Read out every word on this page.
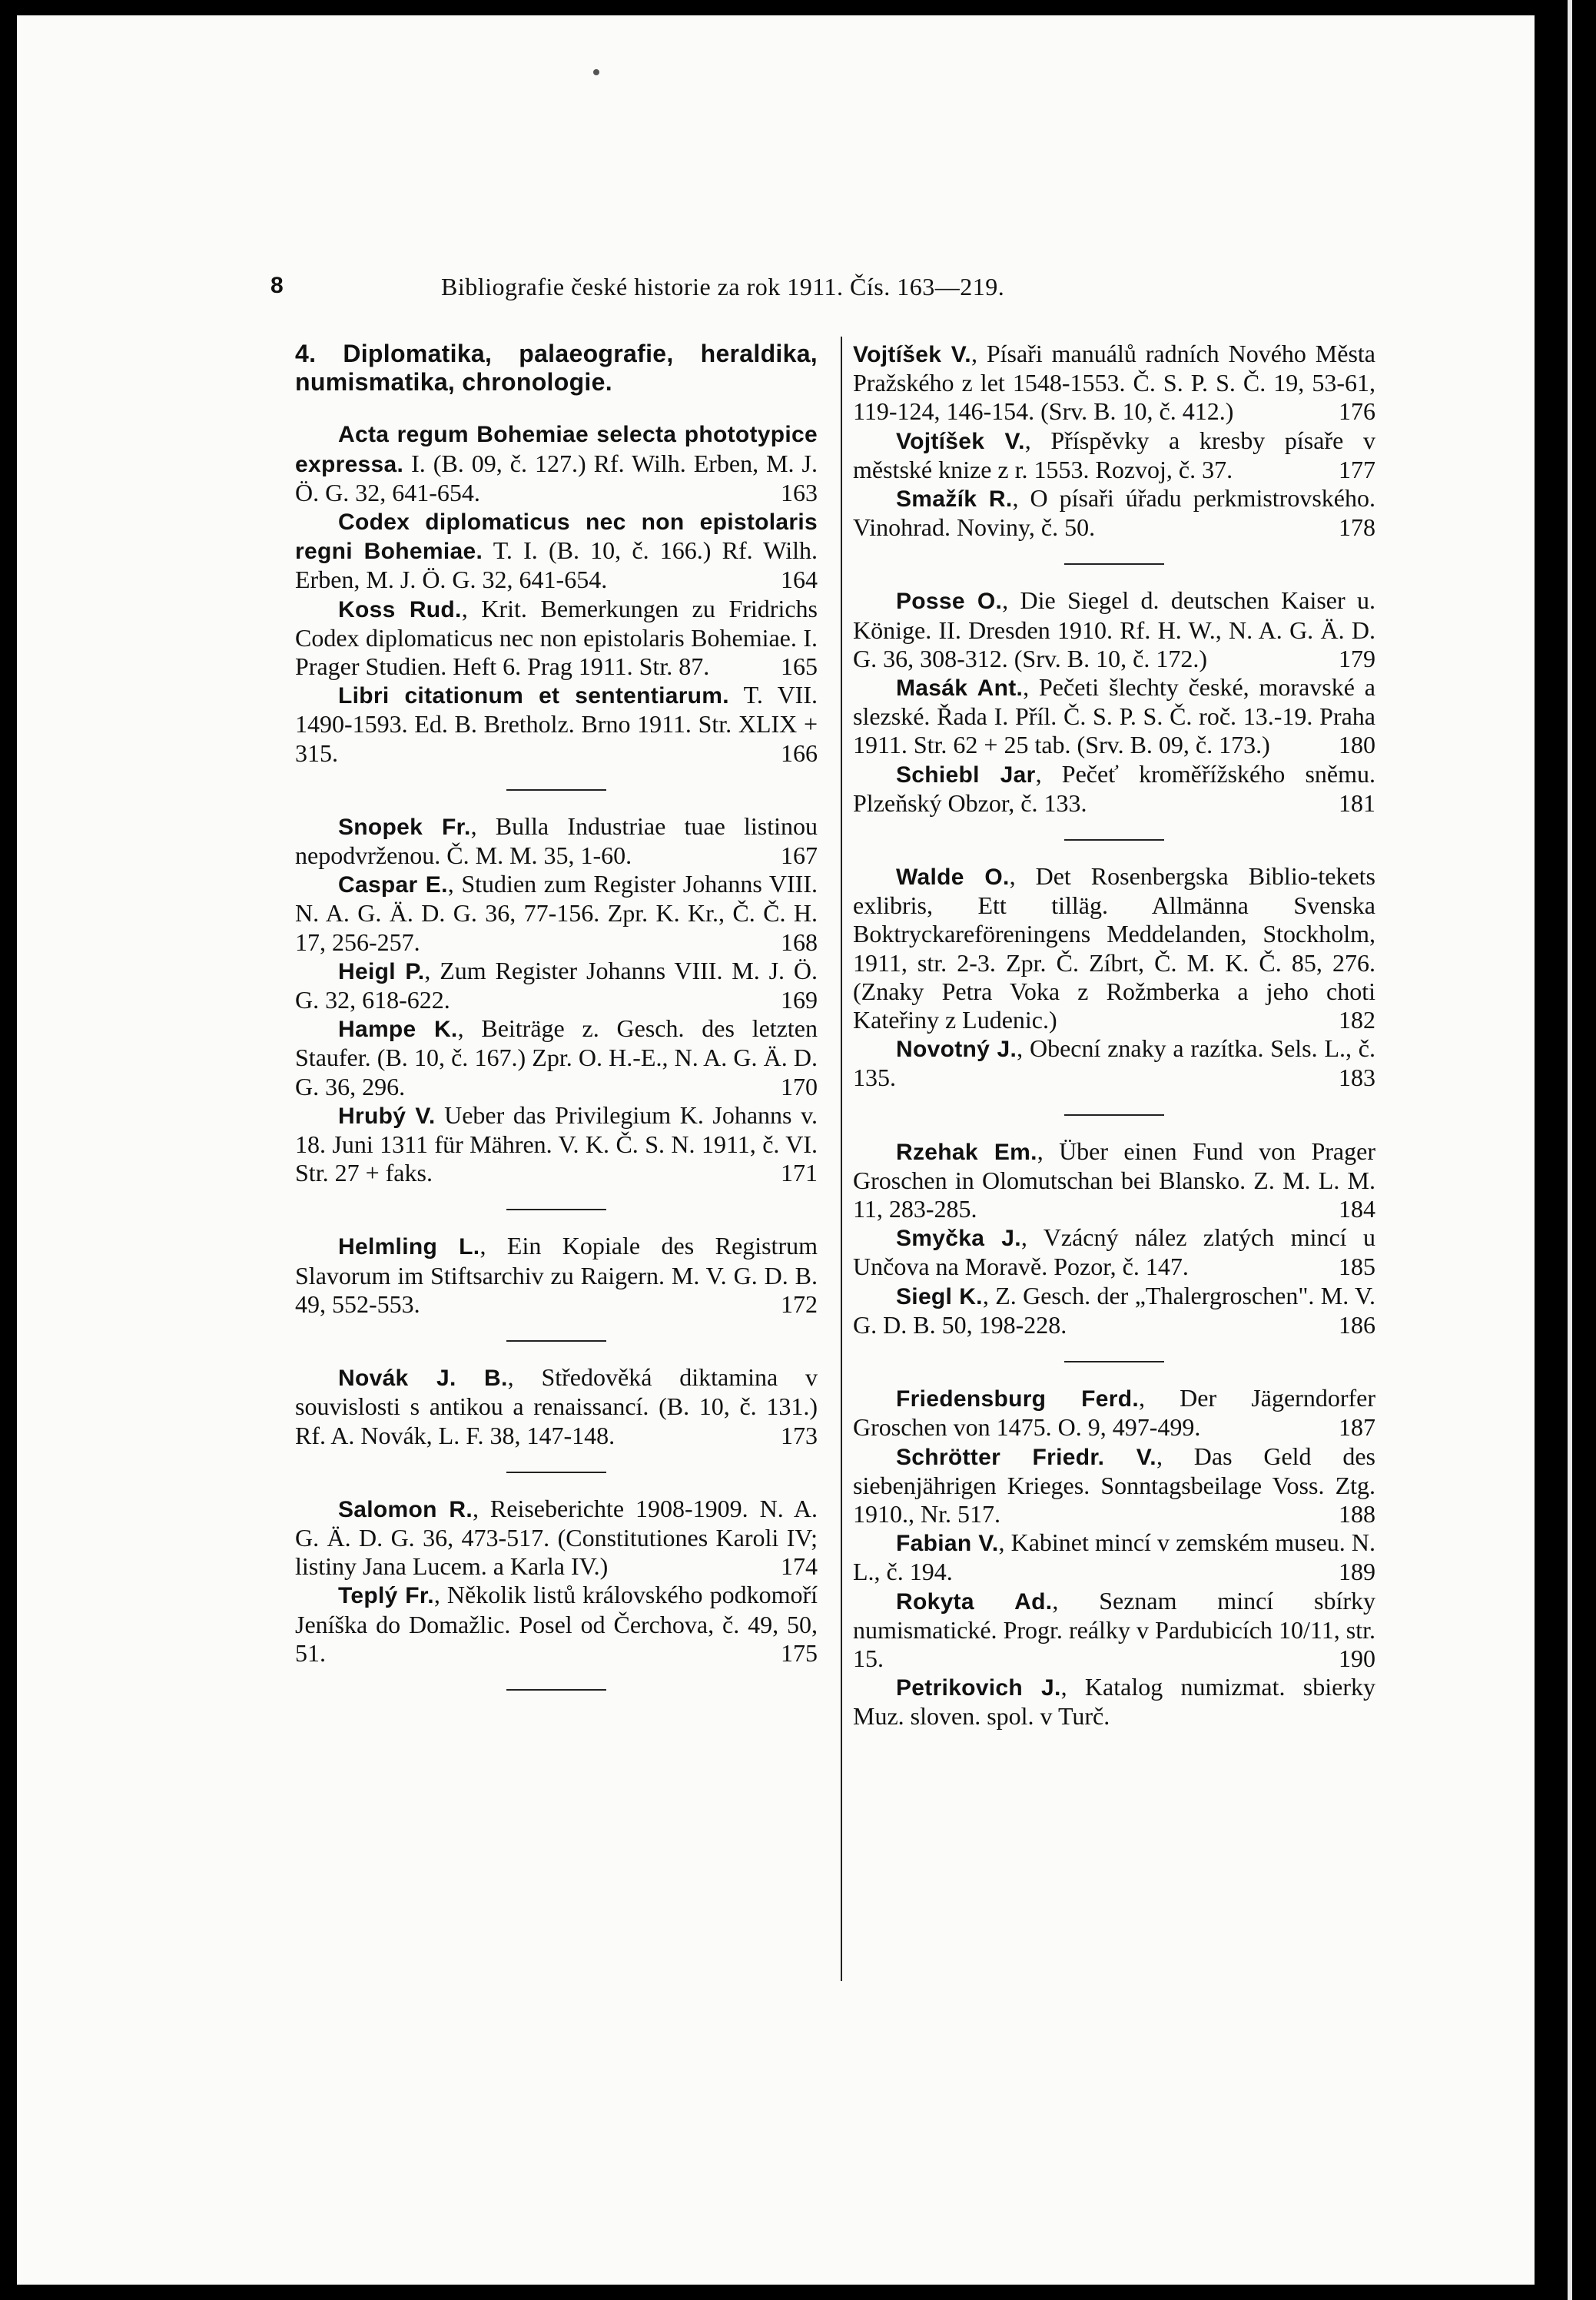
8	Bibliografie české historie za rok 1911. Čís. 163—219.

4. Diplomatika, palaeografie, heraldika, numismatika, chronologie.

Acta regum Bohemiae selecta phototypice expressa. I. (B. 09, č. 127.) Rf. Wilh. Erben, M. J. Ö. G. 32, 641-654.	163

Codex diplomaticus nec non epistolaris regni Bohemiae. T. I. (B. 10, č. 166.) Rf. Wilh. Erben, M. J. Ö. G. 32, 641-654.	164

Koss Rud., Krit. Bemerkungen zu Fridrichs Codex diplomaticus nec non epistolaris Bohemiae. I. Prager Studien. Heft 6. Prag 1911. Str. 87.	165

Libri citationum et sententiarum. T. VII. 1490-1593. Ed. B. Bretholz. Brno 1911. Str. XLIX + 315.	166

Snopek Fr., Bulla Industriae tuae listinou nepodvrženou. Č. M. M. 35, 1-60.	167

Caspar E., Studien zum Register Johanns VIII. N. A. G. Ä. D. G. 36, 77-156. Zpr. K. Kr., Č. Č. H. 17, 256-257.	168

Heigl P., Zum Register Johanns VIII. M. J. Ö. G. 32, 618-622.	169

Hampe K., Beiträge z. Gesch. des letzten Staufer. (B. 10, č. 167.) Zpr. O. H.-E., N. A. G. Ä. D. G. 36, 296.	170

Hrubý V. Ueber das Privilegium K. Johanns v. 18. Juni 1311 für Mähren. V. K. Č. S. N. 1911, č. VI. Str. 27 + faks.	171

Helmling L., Ein Kopiale des Registrum Slavorum im Stiftsarchiv zu Raigern. M. V. G. D. B. 49, 552-553.	172

Novák J. B., Středověká diktamina v souvislosti s antikou a renaissancí. (B. 10, č. 131.) Rf. A. Novák, L. F. 38, 147-148.	173

Salomon R., Reiseberichte 1908-1909. N. A. G. Ä. D. G. 36, 473-517. (Constitutiones Karoli IV; listiny Jana Lucem. a Karla IV.)	174

Teplý Fr., Několik listů královského podkomoří Jeníška do Domažlic. Posel od Čerchova, č. 49, 50, 51.	175

Vojtíšek V., Písaři manuálů radních Nového Města Pražského z let 1548-1553. Č. S. P. S. Č. 19, 53-61, 119-124, 146-154. (Srv. B. 10, č. 412.)	176

Vojtíšek V., Příspěvky a kresby písaře v městské knize z r. 1553. Rozvoj, č. 37.	177

Smažík R., O písaři úřadu perkmistrovského. Vinohrad. Noviny, č. 50.	178

Posse O., Die Siegel d. deutschen Kaiser u. Könige. II. Dresden 1910. Rf. H. W., N. A. G. Ä. D. G. 36, 308-312. (Srv. B. 10, č. 172.)	179

Masák Ant., Pečeti šlechty české, moravské a slezské. Řada I. Příl. Č. S. P. S. Č. roč. 13.-19. Praha 1911. Str. 62 + 25 tab. (Srv. B. 09, č. 173.)	180

Schiebl Jar, Pečeť kroměřížského sněmu. Plzeňský Obzor, č. 133.	181

Walde O., Det Rosenbergska Biblio-tekets exlibris, Ett tilläg. Allmänna Svenska Boktryckareföreningens Meddelanden, Stockholm, 1911, str. 2-3. Zpr. Č. Zíbrt, Č. M. K. Č. 85, 276. (Znaky Petra Voka z Rožmberka a jeho choti Kateřiny z Ludenic.)	182

Novotný J., Obecní znaky a razítka. Sels. L., č. 135.	183

Rzehak Em., Über einen Fund von Prager Groschen in Olomutschan bei Blansko. Z. M. L. M. 11, 283-285.	184

Smyčka J., Vzácný nález zlatých mincí u Unčova na Moravě. Pozor, č. 147.	185

Siegl K., Z. Gesch. der „Thalergroschen". M. V. G. D. B. 50, 198-228.	186

Friedensburg Ferd., Der Jägerndorfer Groschen von 1475. O. 9, 497-499.	187

Schrötter Friedr. V., Das Geld des siebenjährigen Krieges. Sonntagsbeilage Voss. Ztg. 1910., Nr. 517.	188

Fabian V., Kabinet mincí v zemském museu. N. L., č. 194.	189

Rokyta Ad., Seznam mincí sbírky numismatické. Progr. reálky v Pardubicích 10/11, str. 15.	190

Petrikovich J., Katalog numizmat. sbierky Muz. sloven. spol. v Turč.
